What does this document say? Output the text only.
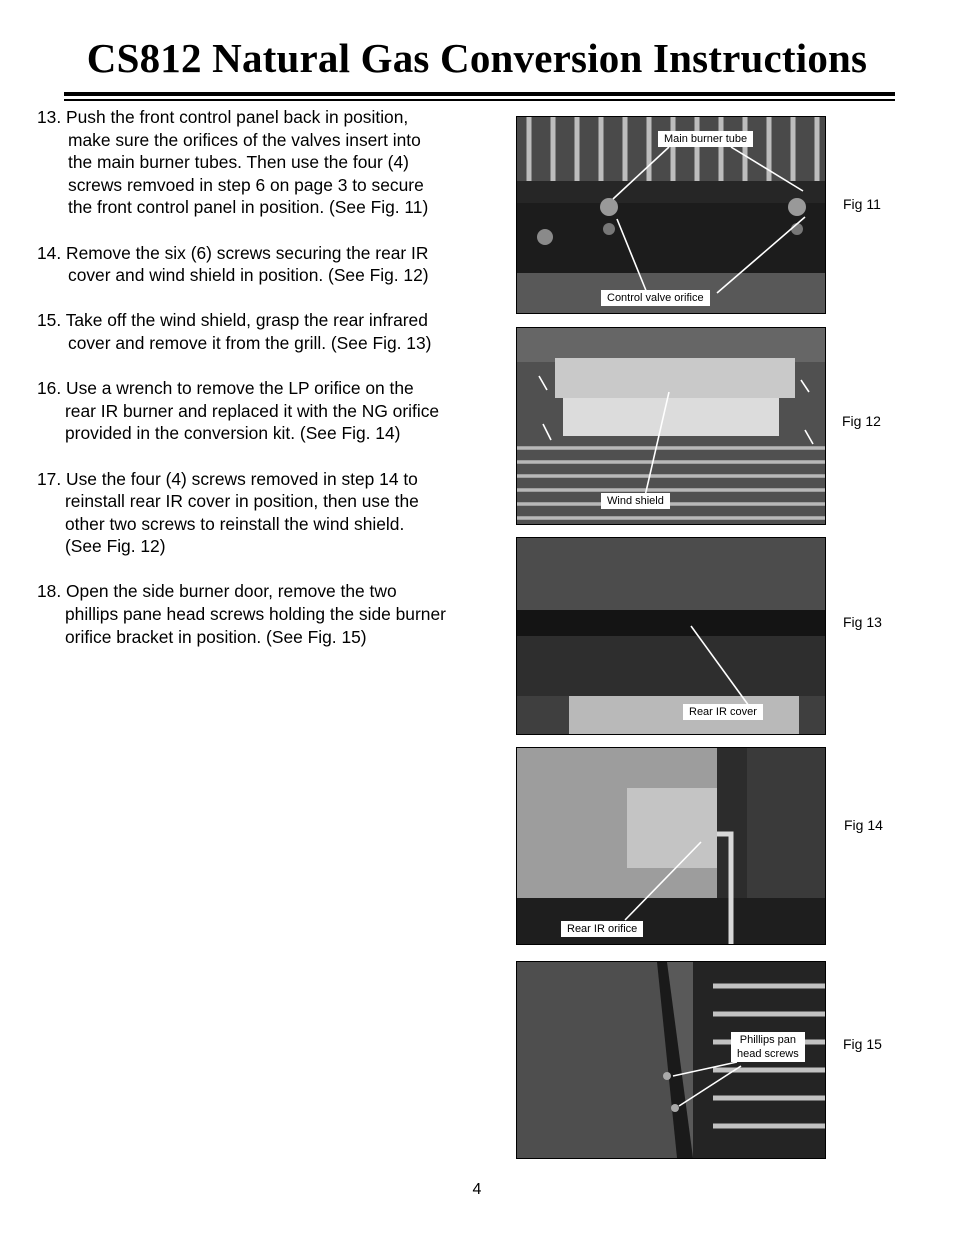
CS812 Natural Gas Conversion Instructions
13. Push the front control panel back in position,
make sure the orifices of the valves insert into
the main burner tubes. Then use the four (4)
screws remvoed in step 6 on page 3 to secure
the front control panel in position. (See Fig. 11)
14. Remove the six (6) screws securing the rear IR
cover and wind shield in position. (See Fig. 12)
15. Take off the wind shield, grasp the rear infrared
cover and remove it from the grill. (See Fig. 13)
16. Use a wrench to remove the LP orifice on the
rear IR burner and replaced it with the NG orifice
provided in the conversion kit. (See Fig. 14)
17. Use the four (4) screws removed in step 14 to
reinstall rear IR cover in position, then use the
other two screws to reinstall the wind shield.
(See Fig. 12)
18. Open the side burner door, remove the two
phillips pane head screws holding the side burner
orifice bracket in position. (See Fig. 15)
Main burner tube
Control valve orifice
Fig 11
Wind shield
Fig 12
Rear IR cover
Fig 13
Rear IR orifice
Fig 14
Phillips pan
head screws
Fig 15
4
